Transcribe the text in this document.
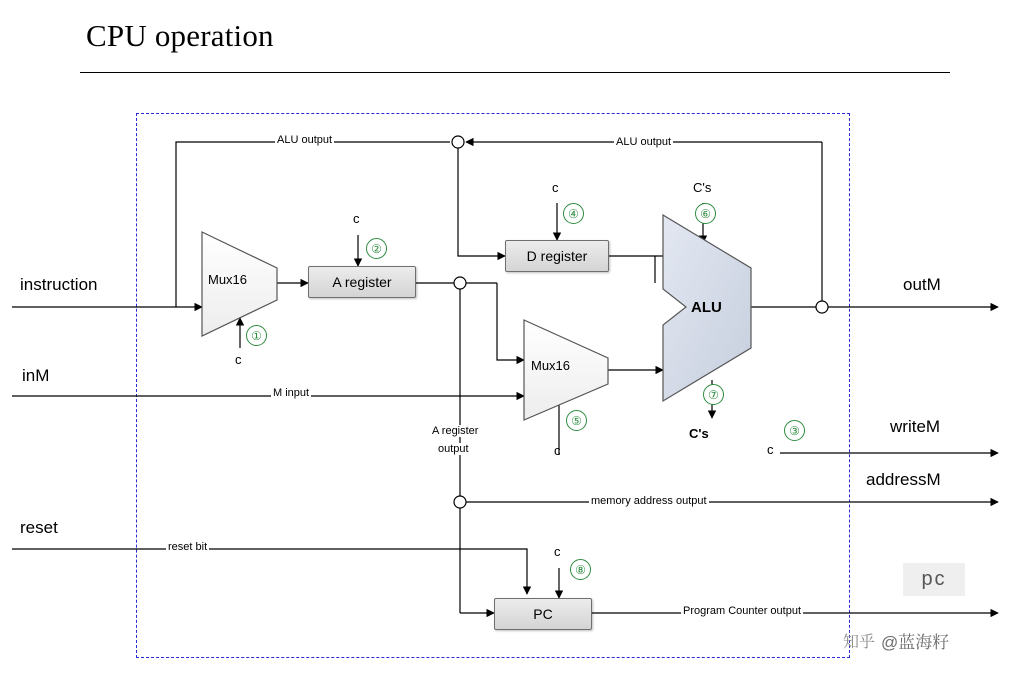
CPU operation
instruction
inM
reset
outM
writeM
addressM
ALU output	ALU output
M input
A register
output
memory address output
reset bit
Program Counter output
Mux16
Mux16
ALU
A register
D register
PC
c
c
c
c
C's
C's
c
c
①
②
③
④
⑤
⑥
⑦
⑧	pc
知乎 @蓝海籽
